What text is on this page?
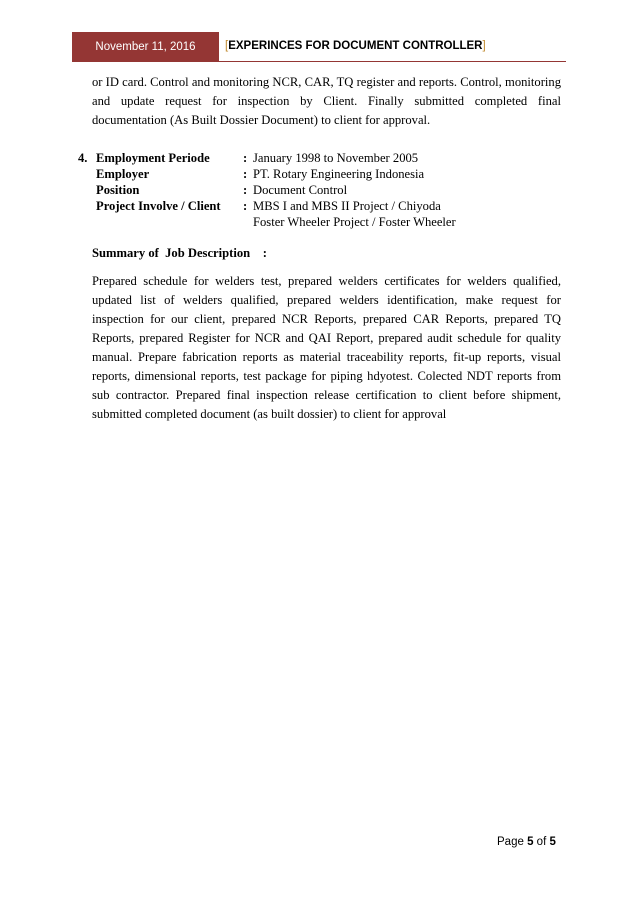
November 11, 2016	[EXPERINCES FOR DOCUMENT CONTROLLER]

or ID card. Control and monitoring NCR, CAR, TQ register and reports. Control, monitoring and update request for inspection by Client. Finally submitted completed final documentation (As Built Dossier Document) to client for approval.

4. Employment Periode	: January 1998 to November 2005
Employer	: PT. Rotary Engineering Indonesia
Position	: Document Control
Project Involve / Client : MBS I and MBS II Project / Chiyoda
Foster Wheeler Project / Foster Wheeler
Summary of  Job Description    :

Prepared schedule for welders test, prepared welders certificates for welders qualified, updated list of welders qualified, prepared welders identification, make request for inspection for our client, prepared NCR Reports, prepared CAR Reports, prepared TQ Reports, prepared Register for NCR and QAI Report, prepared audit schedule for quality manual. Prepare fabrication reports as material traceability reports, fit-up reports, visual reports, dimensional reports, test package for piping hdyotest. Colected NDT reports from sub contractor. Prepared final inspection release certification to client before shipment, submitted completed document (as built dossier) to client for approval

Page 5 of 5
